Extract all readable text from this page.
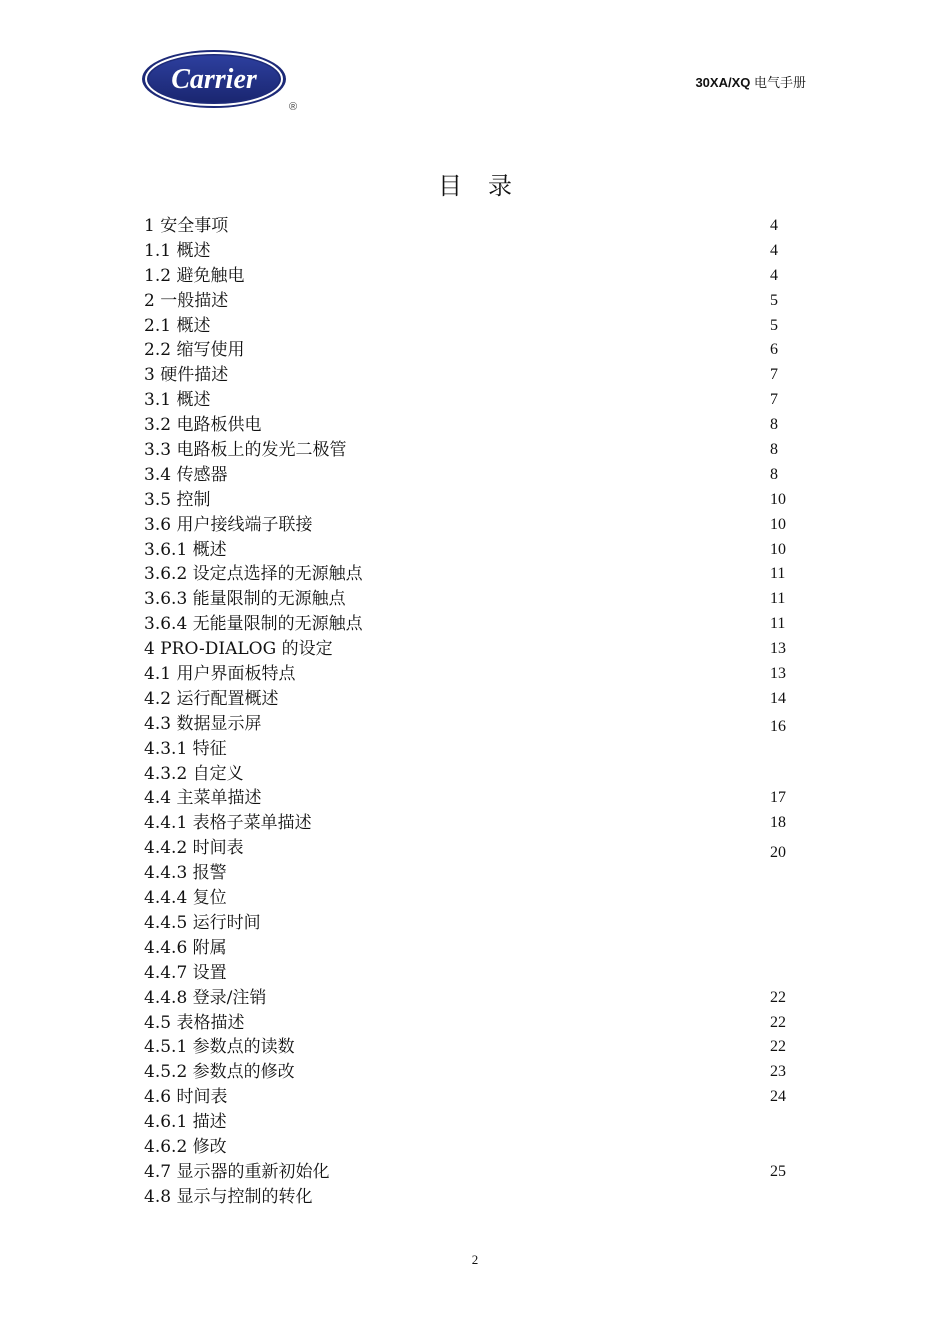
Carrier
®
30XA/XQ 电气手册
目录
1 安全事项	4
1.1 概述	4
1.2 避免触电	4
2 一般描述	5
2.1 概述	5
2.2 缩写使用	6
3 硬件描述	7
3.1 概述	7
3.2 电路板供电	8
3.3 电路板上的发光二极管	8
3.4 传感器	8
3.5 控制	10
3.6 用户接线端子联接	10
3.6.1 概述	10
3.6.2 设定点选择的无源触点	11
3.6.3 能量限制的无源触点	11
3.6.4 无能量限制的无源触点	11
4 PRO-DIALOG 的设定	13
4.1 用户界面板特点	13
4.2 运行配置概述	14
4.3 数据显示屏	16
4.3.1 特征
4.3.2 自定义
4.4 主菜单描述	17
4.4.1 表格子菜单描述	18
4.4.2 时间表	20
4.4.3 报警
4.4.4 复位
4.4.5 运行时间
4.4.6 附属
4.4.7 设置
4.4.8 登录/注销	22
4.5 表格描述	22
4.5.1 参数点的读数	22
4.5.2 参数点的修改	23
4.6 时间表	24
4.6.1 描述
4.6.2 修改
4.7 显示器的重新初始化	25
4.8 显示与控制的转化
2
